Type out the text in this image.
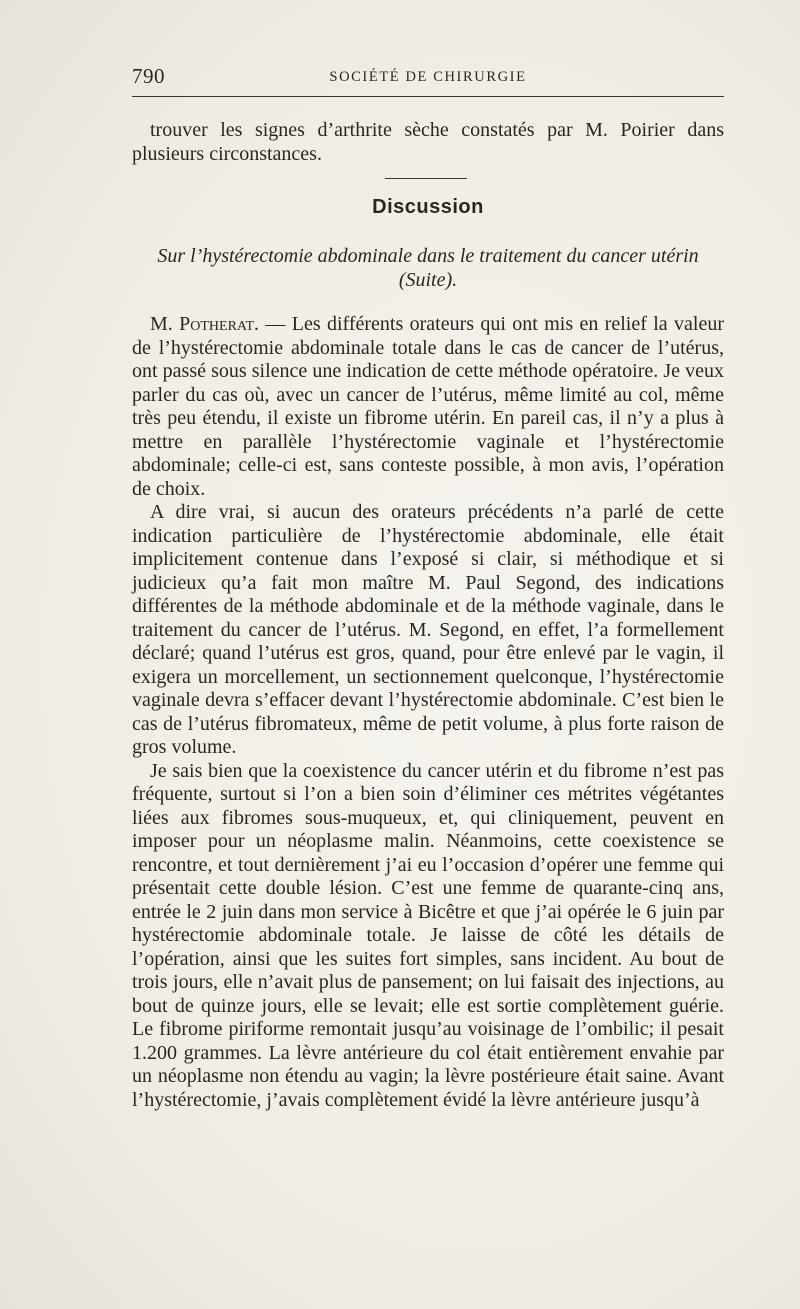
790	SOCIÉTÉ DE CHIRURGIE

trouver les signes d’arthrite sèche constatés par M. Poirier dans plusieurs circonstances.

Discussion
Sur l’hystérectomie abdominale dans le traitement du cancer utérin
(Suite).

M. Potherat. — Les différents orateurs qui ont mis en relief la valeur de l’hystérectomie abdominale totale dans le cas de cancer de l’utérus, ont passé sous silence une indication de cette méthode opératoire. Je veux parler du cas où, avec un cancer de l’utérus, même limité au col, même très peu étendu, il existe un fibrome utérin. En pareil cas, il n’y a plus à mettre en parallèle l’hystérectomie vaginale et l’hystérectomie abdominale; celle-ci est, sans conteste possible, à mon avis, l’opération de choix.

A dire vrai, si aucun des orateurs précédents n’a parlé de cette indication particulière de l’hystérectomie abdominale, elle était implicitement contenue dans l’exposé si clair, si méthodique et si judicieux qu’a fait mon maître M. Paul Segond, des indications différentes de la méthode abdominale et de la méthode vaginale, dans le traitement du cancer de l’utérus. M. Segond, en effet, l’a formellement déclaré; quand l’utérus est gros, quand, pour être enlevé par le vagin, il exigera un morcellement, un sectionnement quelconque, l’hystérectomie vaginale devra s’effacer devant l’hystérectomie abdominale. C’est bien le cas de l’utérus fibromateux, même de petit volume, à plus forte raison de gros volume.

Je sais bien que la coexistence du cancer utérin et du fibrome n’est pas fréquente, surtout si l’on a bien soin d’éliminer ces métrites végétantes liées aux fibromes sous-muqueux, et, qui cliniquement, peuvent en imposer pour un néoplasme malin. Néanmoins, cette coexistence se rencontre, et tout dernièrement j’ai eu l’occasion d’opérer une femme qui présentait cette double lésion. C’est une femme de quarante-cinq ans, entrée le 2 juin dans mon service à Bicêtre et que j’ai opérée le 6 juin par hystérectomie abdominale totale. Je laisse de côté les détails de l’opération, ainsi que les suites fort simples, sans incident. Au bout de trois jours, elle n’avait plus de pansement; on lui faisait des injections, au bout de quinze jours, elle se levait; elle est sortie complètement guérie. Le fibrome piriforme remontait jusqu’au voisinage de l’ombilic; il pesait 1.200 grammes. La lèvre antérieure du col était entièrement envahie par un néoplasme non étendu au vagin; la lèvre postérieure était saine. Avant l’hystérectomie, j’avais complètement évidé la lèvre antérieure jusqu’à
